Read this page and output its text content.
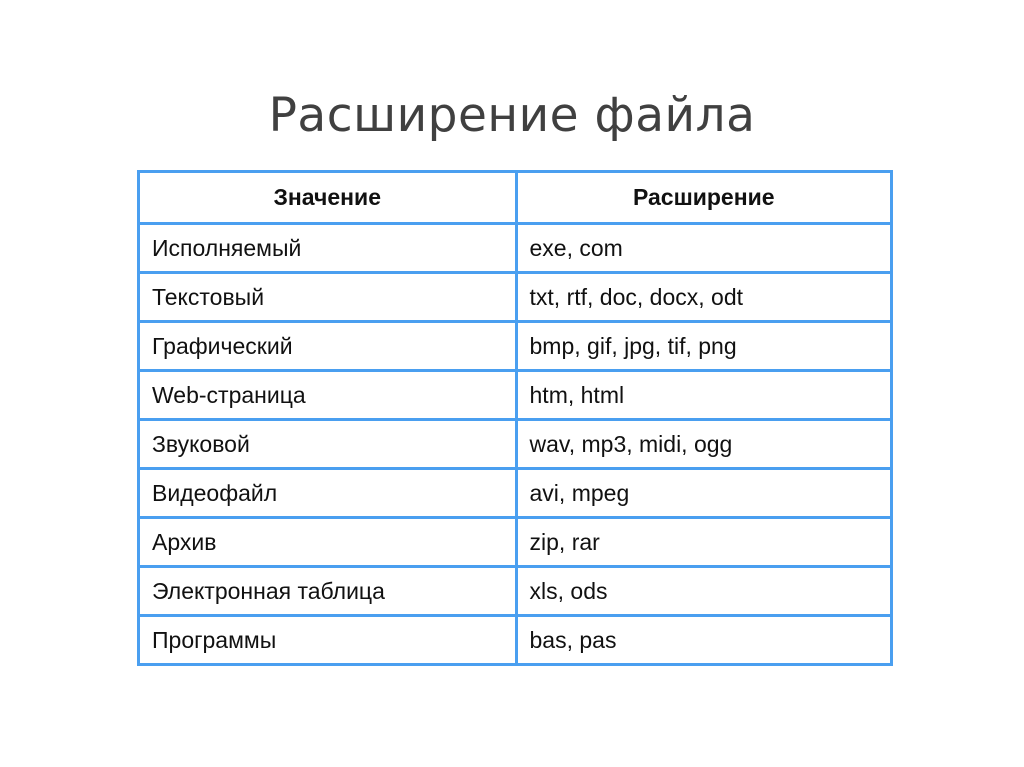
Расширение файла
Значение	Расширение
Исполняемый	exe, com
Текстовый	txt, rtf, doc, docx, odt
Графический	bmp, gif, jpg, tif, png
Web-страница	htm, html
Звуковой	wav, mp3, midi, ogg
Видеофайл	avi, mpeg
Архив	zip, rar
Электронная таблица	xls, ods
Программы	bas, pas
